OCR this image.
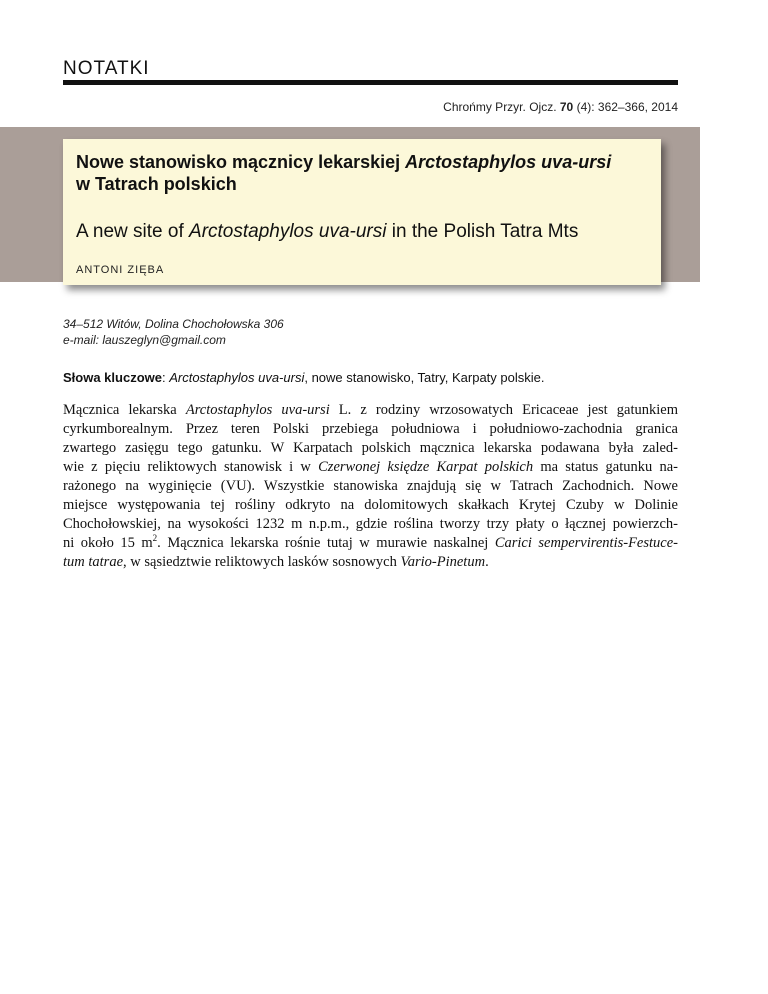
NOTATKI
Chrońmy Przyr. Ojcz. 70 (4): 362–366, 2014
Nowe stanowisko mącznicy lekarskiej Arctostaphylos uva-ursi
w Tatrach polskich
A new site of Arctostaphylos uva-ursi in the Polish Tatra Mts
ANTONI ZIĘBA
34–512 Witów, Dolina Chochołowska 306
e-mail: lauszeglyn@gmail.com
Słowa kluczowe: Arctostaphylos uva-ursi, nowe stanowisko, Tatry, Karpaty polskie.
Mącznica lekarska Arctostaphylos uva-ursi L. z rodziny wrzosowatych Ericaceae jest gatunkiem
cyrkumborealnym. Przez teren Polski przebiega południowa i południowo-zachodnia granica
zwartego zasięgu tego gatunku. W Karpatach polskich mącznica lekarska podawana była zaled-
wie z pięciu reliktowych stanowisk i w Czerwonej księdze Karpat polskich ma status gatunku na-
rażonego na wyginięcie (VU). Wszystkie stanowiska znajdują się w Tatrach Zachodnich. Nowe
miejsce występowania tej rośliny odkryto na dolomitowych skałkach Krytej Czuby w Dolinie
Chochołowskiej, na wysokości 1232 m n.p.m., gdzie roślina tworzy trzy płaty o łącznej powierzch-
ni około 15 $m^2$. Mącznica lekarska rośnie tutaj w murawie naskalnej Carici sempervirentis-Festuce-
tum tatrae, w sąsiedztwie reliktowych lasków sosnowych Vario-Pinetum.
